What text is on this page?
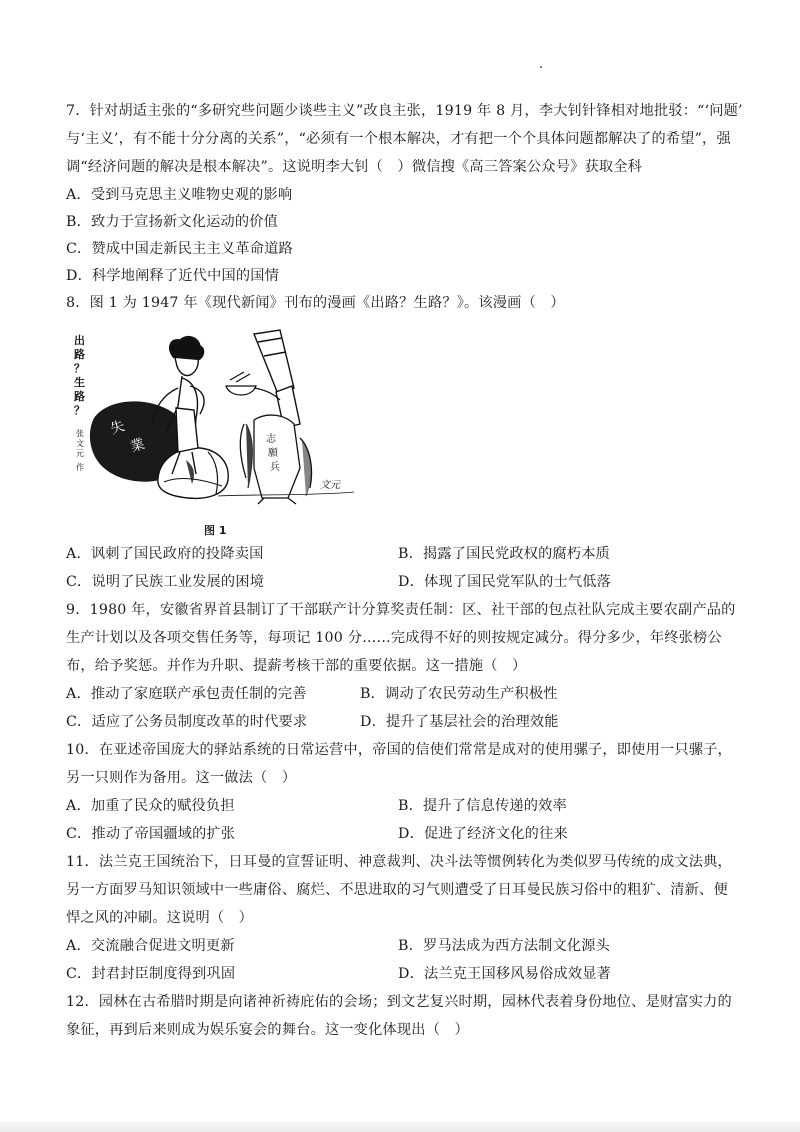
7．针对胡适主张的“多研究些问题少谈些主义”改良主张，1919 年 8 月，李大钊针锋相对地批驳：“‘问题’
与‘主义’，有不能十分分离的关系”，“必须有一个根本解决，才有把一个个具体问题都解决了的希望”，强
调“经济问题的解决是根本解决”。这说明李大钊（　）微信搜《高三答案公众号》获取全科
A．受到马克思主义唯物史观的影响
B．致力于宣扬新文化运动的价值
C．赞成中国走新民主主义革命道路
D．科学地阐释了近代中国的国情
8．图 1 为 1947 年《现代新闻》刊布的漫画《出路？生路？》。该漫画（　）
出
路
？
生
路
？
张
文
元
作
失
業	志
願
兵
文元
图 1
A．讽刺了国民政府的投降卖国	B．揭露了国民党政权的腐朽本质
C．说明了民族工业发展的困境	D．体现了国民党军队的士气低落
9．1980 年，安徽省界首县制订了干部联产计分算奖责任制：区、社干部的包点社队完成主要农副产品的
生产计划以及各项交售任务等，每项记 100 分……完成得不好的则按规定减分。得分多少，年终张榜公
布，给予奖惩。并作为升职、提薪考核干部的重要依据。这一措施（　）
A．推动了家庭联产承包责任制的完善	B．调动了农民劳动生产积极性
C．适应了公务员制度改革的时代要求	D．提升了基层社会的治理效能
10．在亚述帝国庞大的驿站系统的日常运营中，帝国的信使们常常是成对的使用骡子，即使用一只骡子，
另一只则作为备用。这一做法（　）
A．加重了民众的赋役负担	B．提升了信息传递的效率
C．推动了帝国疆域的扩张	D．促进了经济文化的往来
11．法兰克王国统治下，日耳曼的宣誓证明、神意裁判、决斗法等惯例转化为类似罗马传统的成文法典，
另一方面罗马知识领域中一些庸俗、腐烂、不思进取的习气则遭受了日耳曼民族习俗中的粗犷、清新、便
悍之风的冲刷。这说明（　）
A．交流融合促进文明更新	B．罗马法成为西方法制文化源头
C．封君封臣制度得到巩固	D．法兰克王国移风易俗成效显著
12．园林在古希腊时期是向诸神祈祷庇佑的会场；到文艺复兴时期，园林代表着身份地位、是财富实力的
象征，再到后来则成为娱乐宴会的舞台。这一变化体现出（　）
